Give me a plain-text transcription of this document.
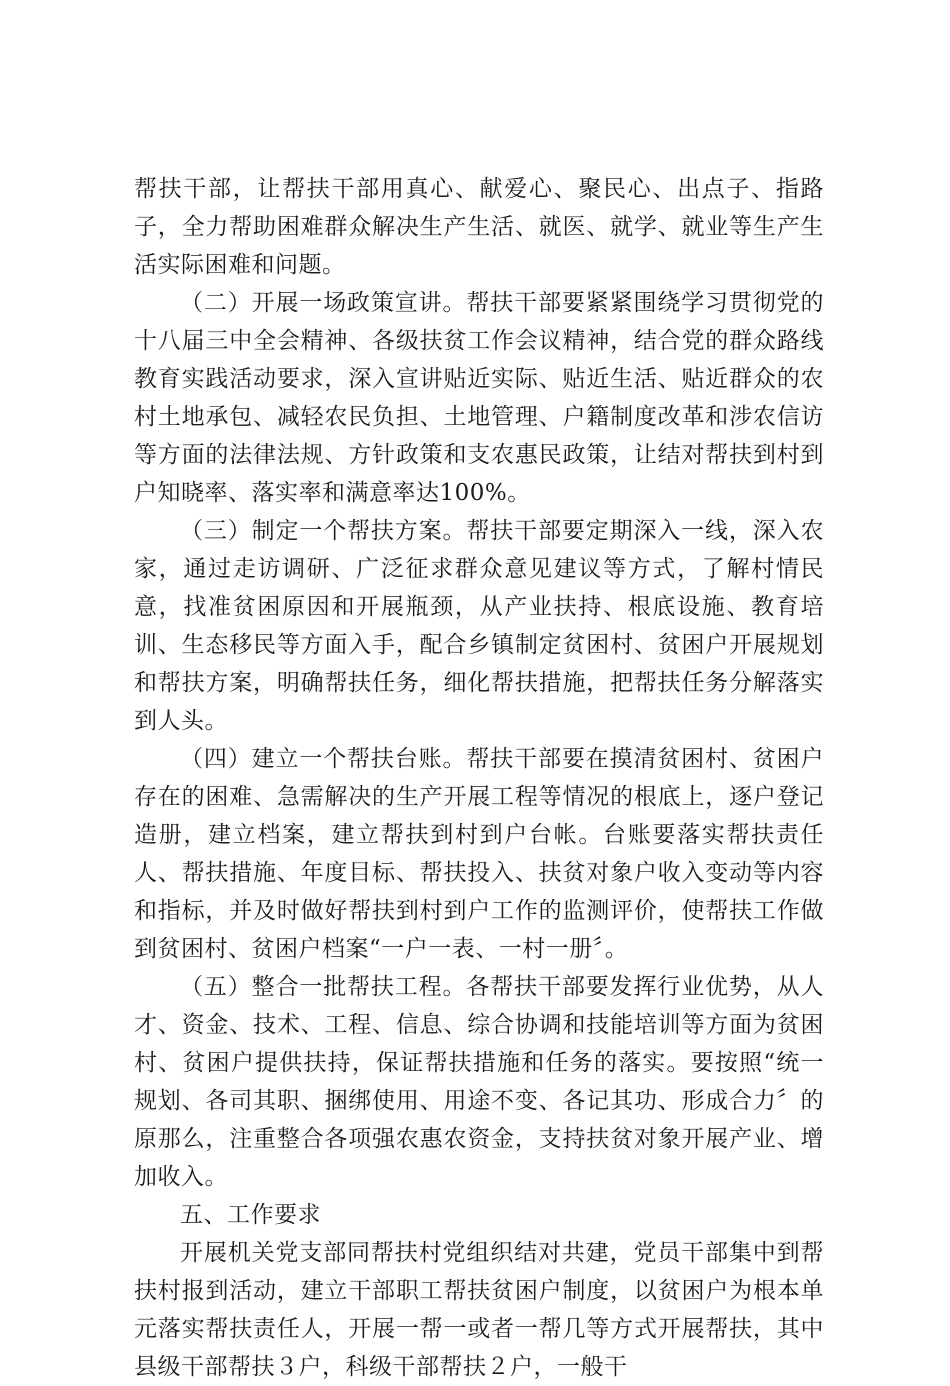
帮扶干部，让帮扶干部用真心、献爱心、聚民心、出点子、指路子，全力帮助困难群众解决生产生活、就医、就学、就业等生产生活实际困难和问题。

（二）开展一场政策宣讲。帮扶干部要紧紧围绕学习贯彻党的十八届三中全会精神、各级扶贫工作会议精神，结合党的群众路线教育实践活动要求，深入宣讲贴近实际、贴近生活、贴近群众的农村土地承包、减轻农民负担、土地管理、户籍制度改革和涉农信访等方面的法律法规、方针政策和支农惠民政策，让结对帮扶到村到户知晓率、落实率和满意率达100%。

（三）制定一个帮扶方案。帮扶干部要定期深入一线，深入农家，通过走访调研、广泛征求群众意见建议等方式，了解村情民意，找准贫困原因和开展瓶颈，从产业扶持、根底设施、教育培训、生态移民等方面入手，配合乡镇制定贫困村、贫困户开展规划和帮扶方案，明确帮扶任务，细化帮扶措施，把帮扶任务分解落实到人头。

（四）建立一个帮扶台账。帮扶干部要在摸清贫困村、贫困户存在的困难、急需解决的生产开展工程等情况的根底上，逐户登记造册，建立档案，建立帮扶到村到户台帐。台账要落实帮扶责任人、帮扶措施、年度目标、帮扶投入、扶贫对象户收入变动等内容和指标，并及时做好帮扶到村到户工作的监测评价，使帮扶工作做到贫困村、贫困户档案“一户一表、一村一册〞。

（五）整合一批帮扶工程。各帮扶干部要发挥行业优势，从人才、资金、技术、工程、信息、综合协调和技能培训等方面为贫困村、贫困户提供扶持，保证帮扶措施和任务的落实。要按照“统一规划、各司其职、捆绑使用、用途不变、各记其功、形成合力〞的原那么，注重整合各项强农惠农资金，支持扶贫对象开展产业、增加收入。

五、工作要求

开展机关党支部同帮扶村党组织结对共建，党员干部集中到帮扶村报到活动，建立干部职工帮扶贫困户制度，以贫困户为根本单元落实帮扶责任人，开展一帮一或者一帮几等方式开展帮扶，其中县级干部帮扶３户，科级干部帮扶２户，一般干
